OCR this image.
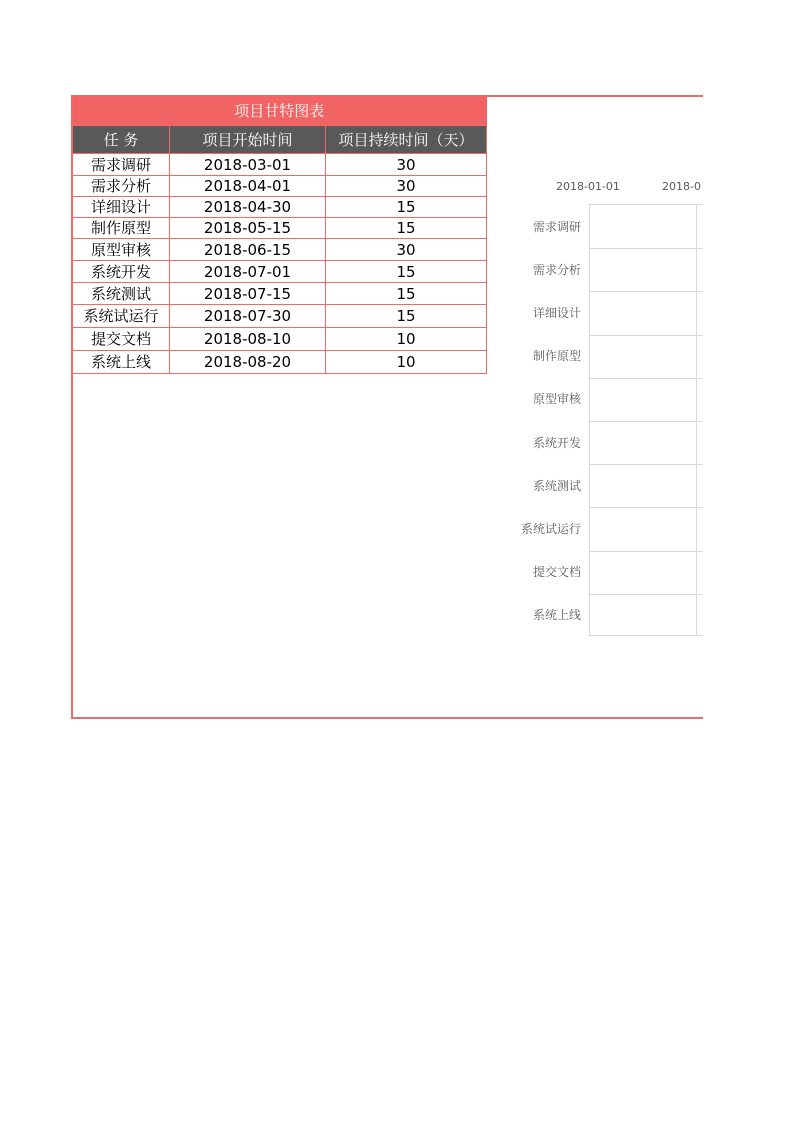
项目甘特图表		
任 务	项目开始时间	项目持续时间（天）
需求调研	2018-03-01	30
需求分析	2018-04-01	30
详细设计	2018-04-30	15
制作原型	2018-05-15	15
原型审核	2018-06-15	30
系统开发	2018-07-01	15
系统测试	2018-07-15	15
系统试运行	2018-07-30	15
提交文档	2018-08-10	10
系统上线	2018-08-20	10
2018-01-01	2018-0
需求调研
需求分析
详细设计
制作原型
原型审核
系统开发
系统测试
系统试运行
提交文档
系统上线
